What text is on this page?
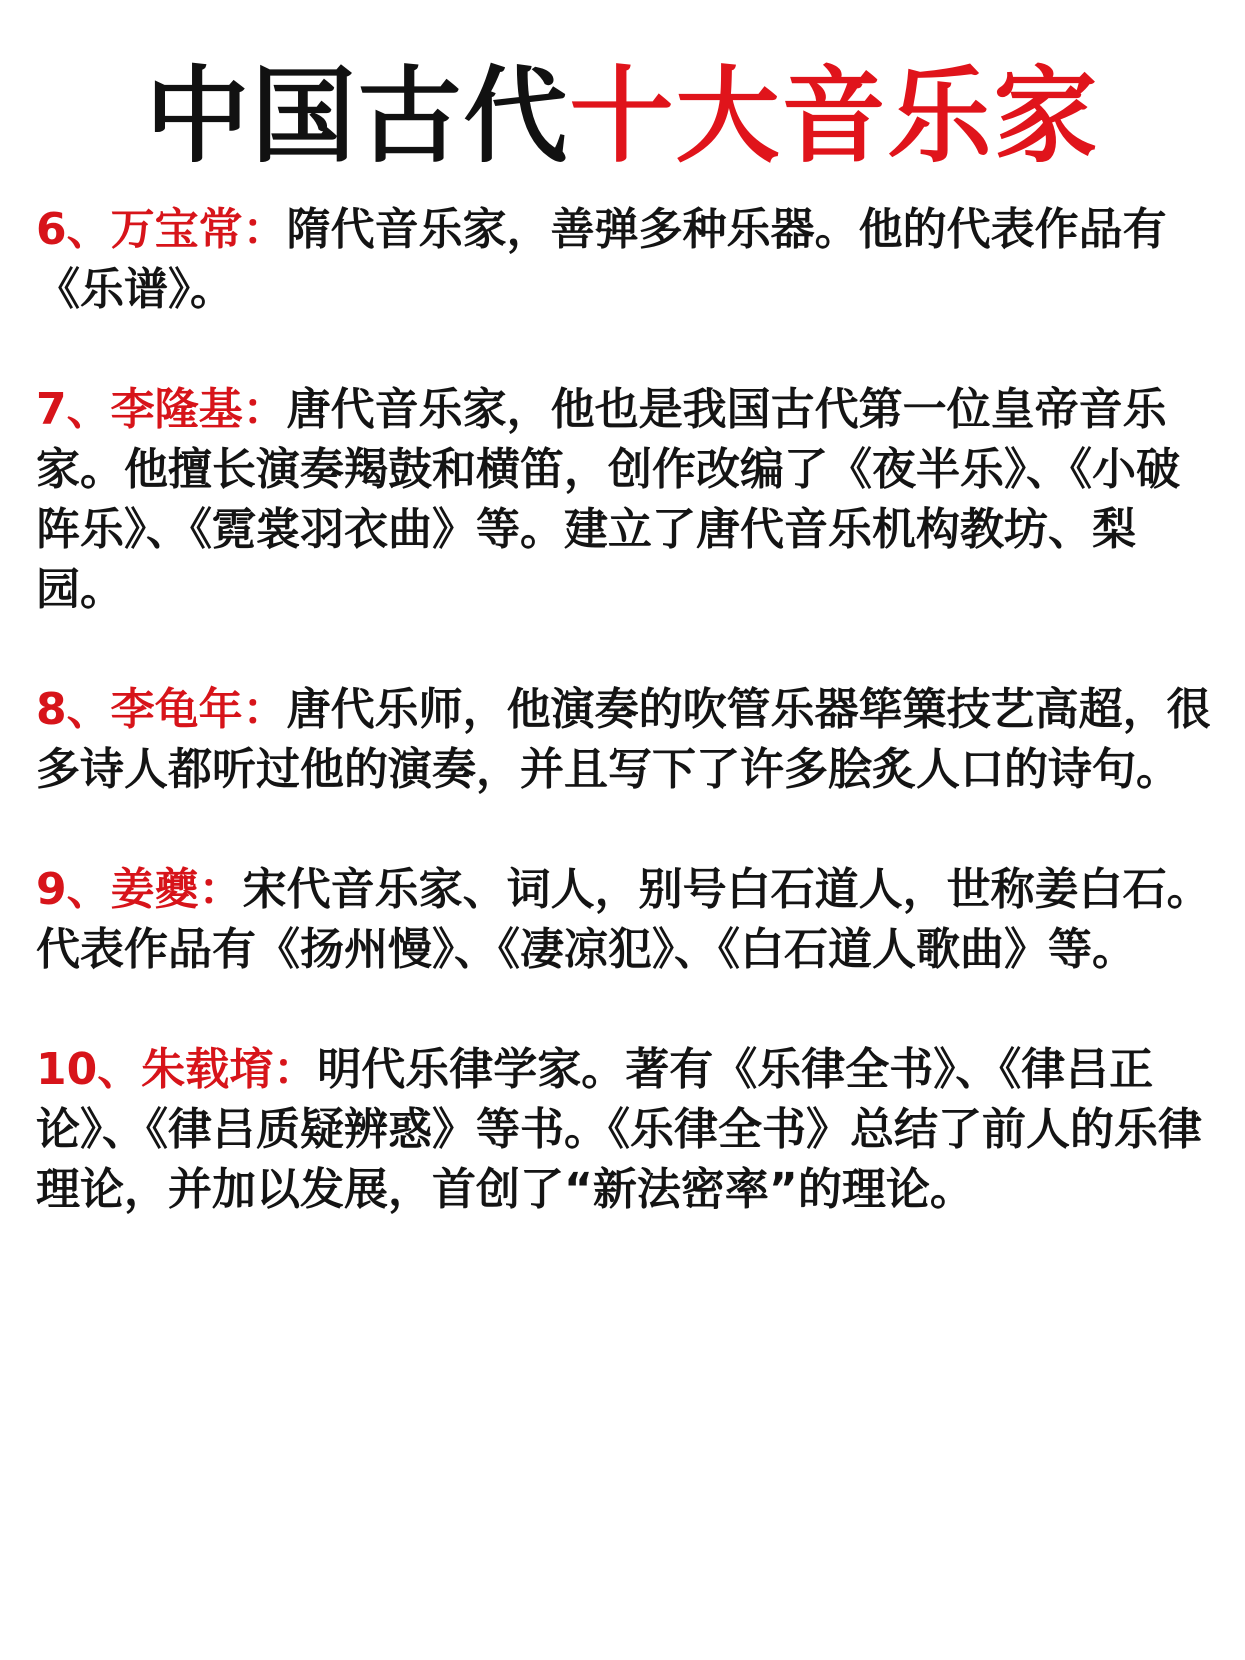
中国古代十大音乐家

6、万宝常：隋代音乐家，善弹多种乐器。他的代表作品有《乐谱》。

7、李隆基：唐代音乐家，他也是我国古代第一位皇帝音乐家。他擅长演奏羯鼓和横笛，创作改编了《夜半乐》、《小破阵乐》、《霓裳羽衣曲》等。建立了唐代音乐机构教坊、梨园。

8、李龟年：唐代乐师，他演奏的吹管乐器筚篥技艺高超，很多诗人都听过他的演奏，并且写下了许多脍炙人口的诗句。

9、姜夔：宋代音乐家、词人，别号白石道人，世称姜白石。代表作品有《扬州慢》、《凄凉犯》、《白石道人歌曲》等。

10、朱载堉：明代乐律学家。著有《乐律全书》、《律吕正论》、《律吕质疑辨惑》等书。《乐律全书》总结了前人的乐律理论，并加以发展，首创了“新法密率”的理论。
